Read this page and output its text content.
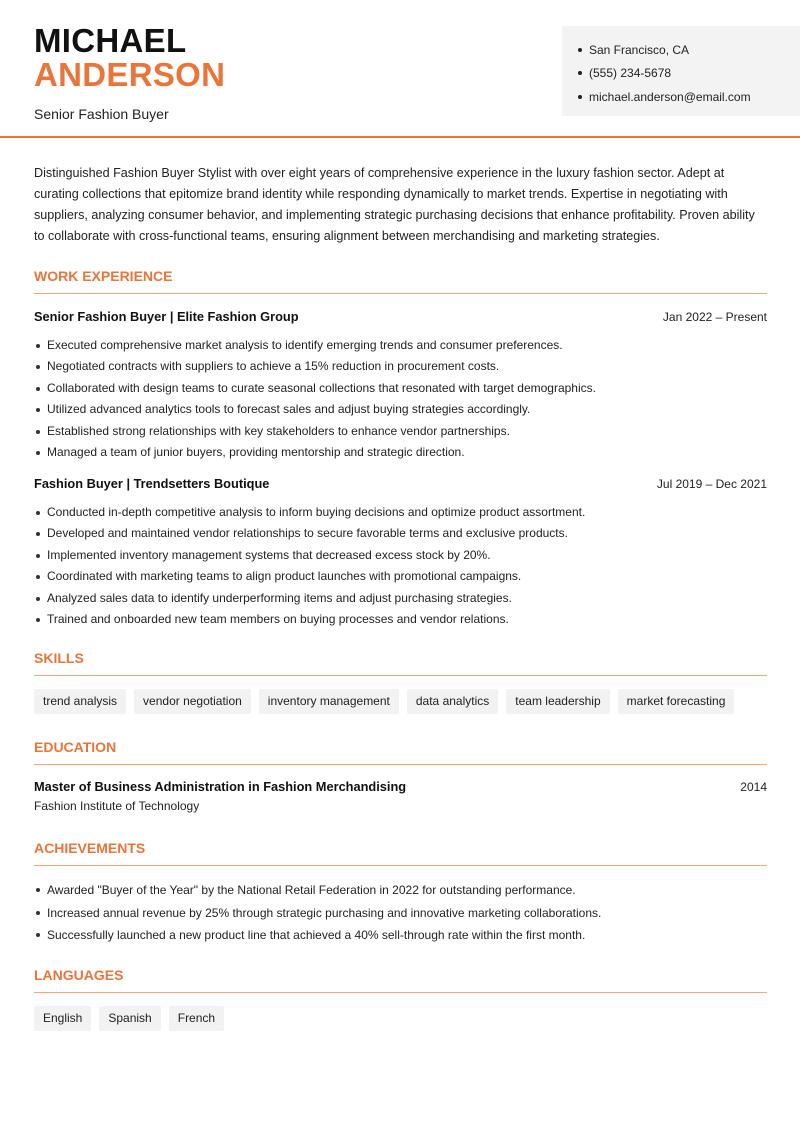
MICHAEL
ANDERSON
Senior Fashion Buyer
San Francisco, CA
(555) 234-5678
michael.anderson@email.com
Distinguished Fashion Buyer Stylist with over eight years of comprehensive experience in the luxury fashion sector. Adept at curating collections that epitomize brand identity while responding dynamically to market trends. Expertise in negotiating with suppliers, analyzing consumer behavior, and implementing strategic purchasing decisions that enhance profitability. Proven ability to collaborate with cross-functional teams, ensuring alignment between merchandising and marketing strategies.
WORK EXPERIENCE
Senior Fashion Buyer | Elite Fashion Group	Jan 2022 – Present
Executed comprehensive market analysis to identify emerging trends and consumer preferences.
Negotiated contracts with suppliers to achieve a 15% reduction in procurement costs.
Collaborated with design teams to curate seasonal collections that resonated with target demographics.
Utilized advanced analytics tools to forecast sales and adjust buying strategies accordingly.
Established strong relationships with key stakeholders to enhance vendor partnerships.
Managed a team of junior buyers, providing mentorship and strategic direction.
Fashion Buyer | Trendsetters Boutique	Jul 2019 – Dec 2021
Conducted in-depth competitive analysis to inform buying decisions and optimize product assortment.
Developed and maintained vendor relationships to secure favorable terms and exclusive products.
Implemented inventory management systems that decreased excess stock by 20%.
Coordinated with marketing teams to align product launches with promotional campaigns.
Analyzed sales data to identify underperforming items and adjust purchasing strategies.
Trained and onboarded new team members on buying processes and vendor relations.
SKILLS
trend analysis	vendor negotiation	inventory management	data analytics	team leadership	market forecasting
EDUCATION
Master of Business Administration in Fashion Merchandising	2014
Fashion Institute of Technology
ACHIEVEMENTS
Awarded "Buyer of the Year" by the National Retail Federation in 2022 for outstanding performance.
Increased annual revenue by 25% through strategic purchasing and innovative marketing collaborations.
Successfully launched a new product line that achieved a 40% sell-through rate within the first month.
LANGUAGES
English	Spanish	French
